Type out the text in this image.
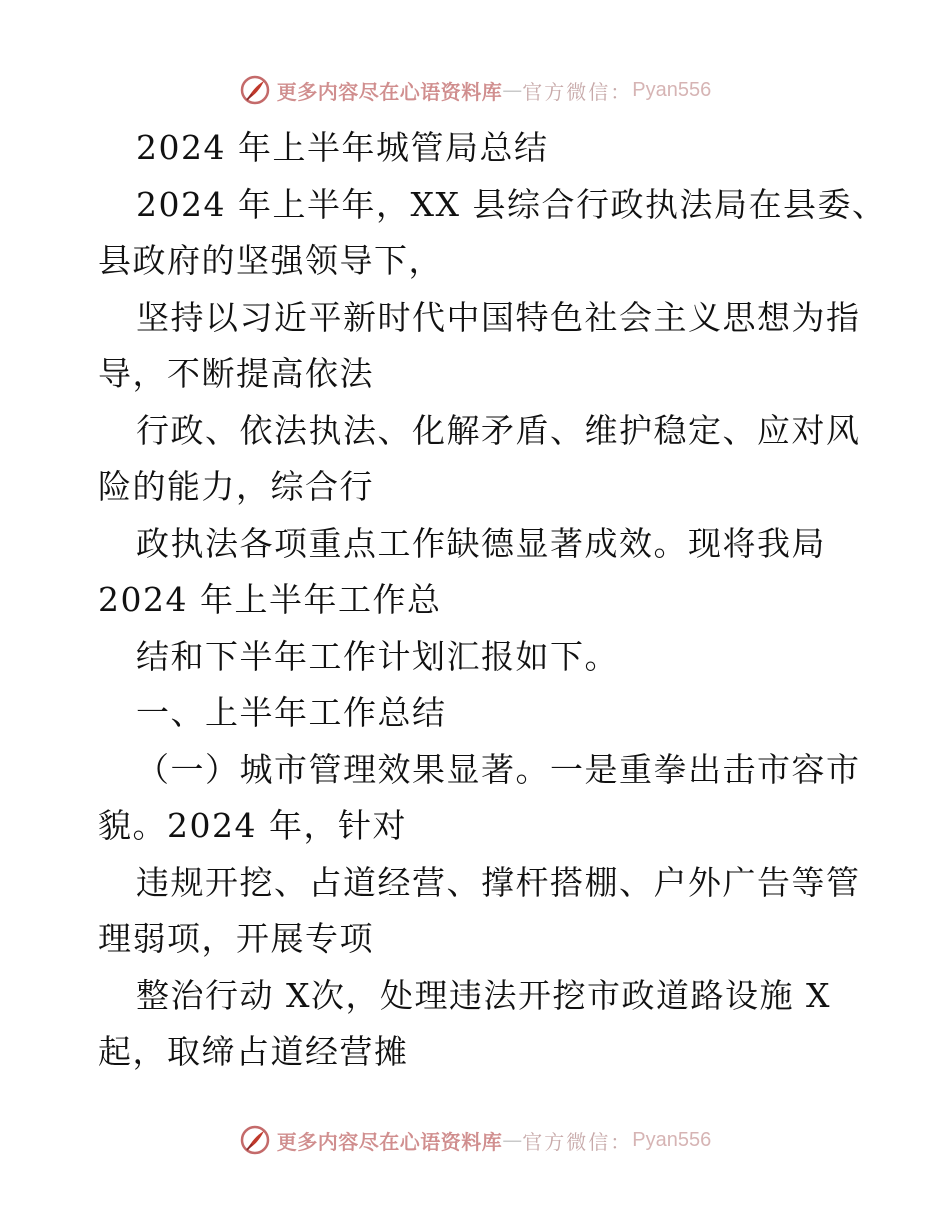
更多内容尽在心语资料库 — 官方微信： Pyan556
2024 年上半年城管局总结
2024 年上半年，XX 县综合行政执法局在县委、
县政府的坚强领导下，
坚持以习近平新时代中国特色社会主义思想为指
导，不断提高依法
行政、依法执法、化解矛盾、维护稳定、应对风
险的能力，综合行
政执法各项重点工作缺德显著成效。现将我局
2024 年上半年工作总
结和下半年工作计划汇报如下。
一、上半年工作总结
（一）城市管理效果显著。一是重拳出击市容市
貌。2024 年，针对
违规开挖、占道经营、撑杆搭棚、户外广告等管
理弱项，开展专项
整治行动 X次，处理违法开挖市政道路设施 X
起，取缔占道经营摊
更多内容尽在心语资料库 — 官方微信： Pyan556
